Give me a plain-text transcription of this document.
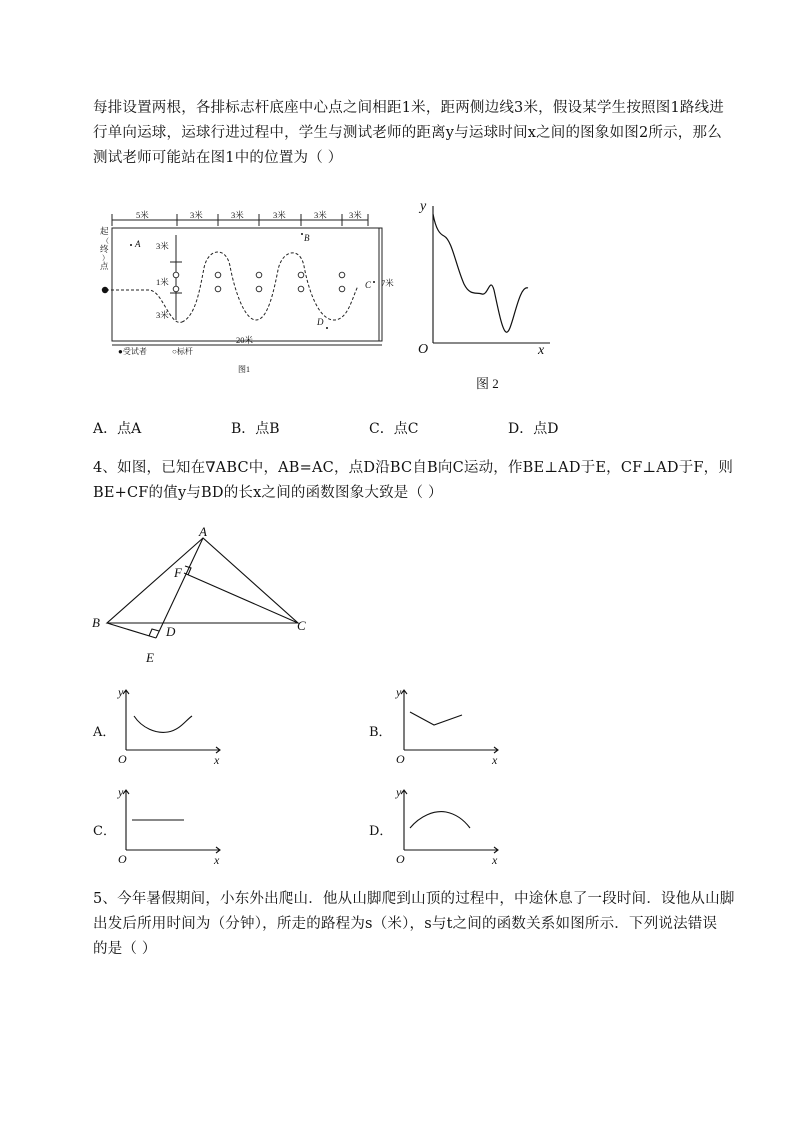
每排设置两根，各排标志杆底座中心点之间相距1米，距两侧边线3米，假设某学生按照图1路线进
行单向运球，运球行进过程中，学生与测试老师的距离y与运球时间x之间的图象如图2所示，那么
测试老师可能站在图1中的位置为（ ）
5米	3米	3米	3米	3米	3米
3米
1米
3米
起
（
终
）
点
7米
20米
●受试者	○标杆
图1
A
B
C
D
y
x
O
图 2
A．点A	B．点B	C．点C	D．点D
4、如图，已知在∇ABC中，AB=AC，点D沿BC自B向C运动，作BE⊥AD于E，CF⊥AD于F，则
BE+CF的值y与BD的长x之间的函数图象大致是（ ）
A
B	C
D
E
F
A．
y
x
O
B．
y
x
O
C．
y
x
O
D．
y
x
O
5、今年暑假期间，小东外出爬山．他从山脚爬到山顶的过程中，中途休息了一段时间．设他从山脚
出发后所用时间为（分钟），所走的路程为s（米），s与t之间的函数关系如图所示．下列说法错误
的是（ ）
